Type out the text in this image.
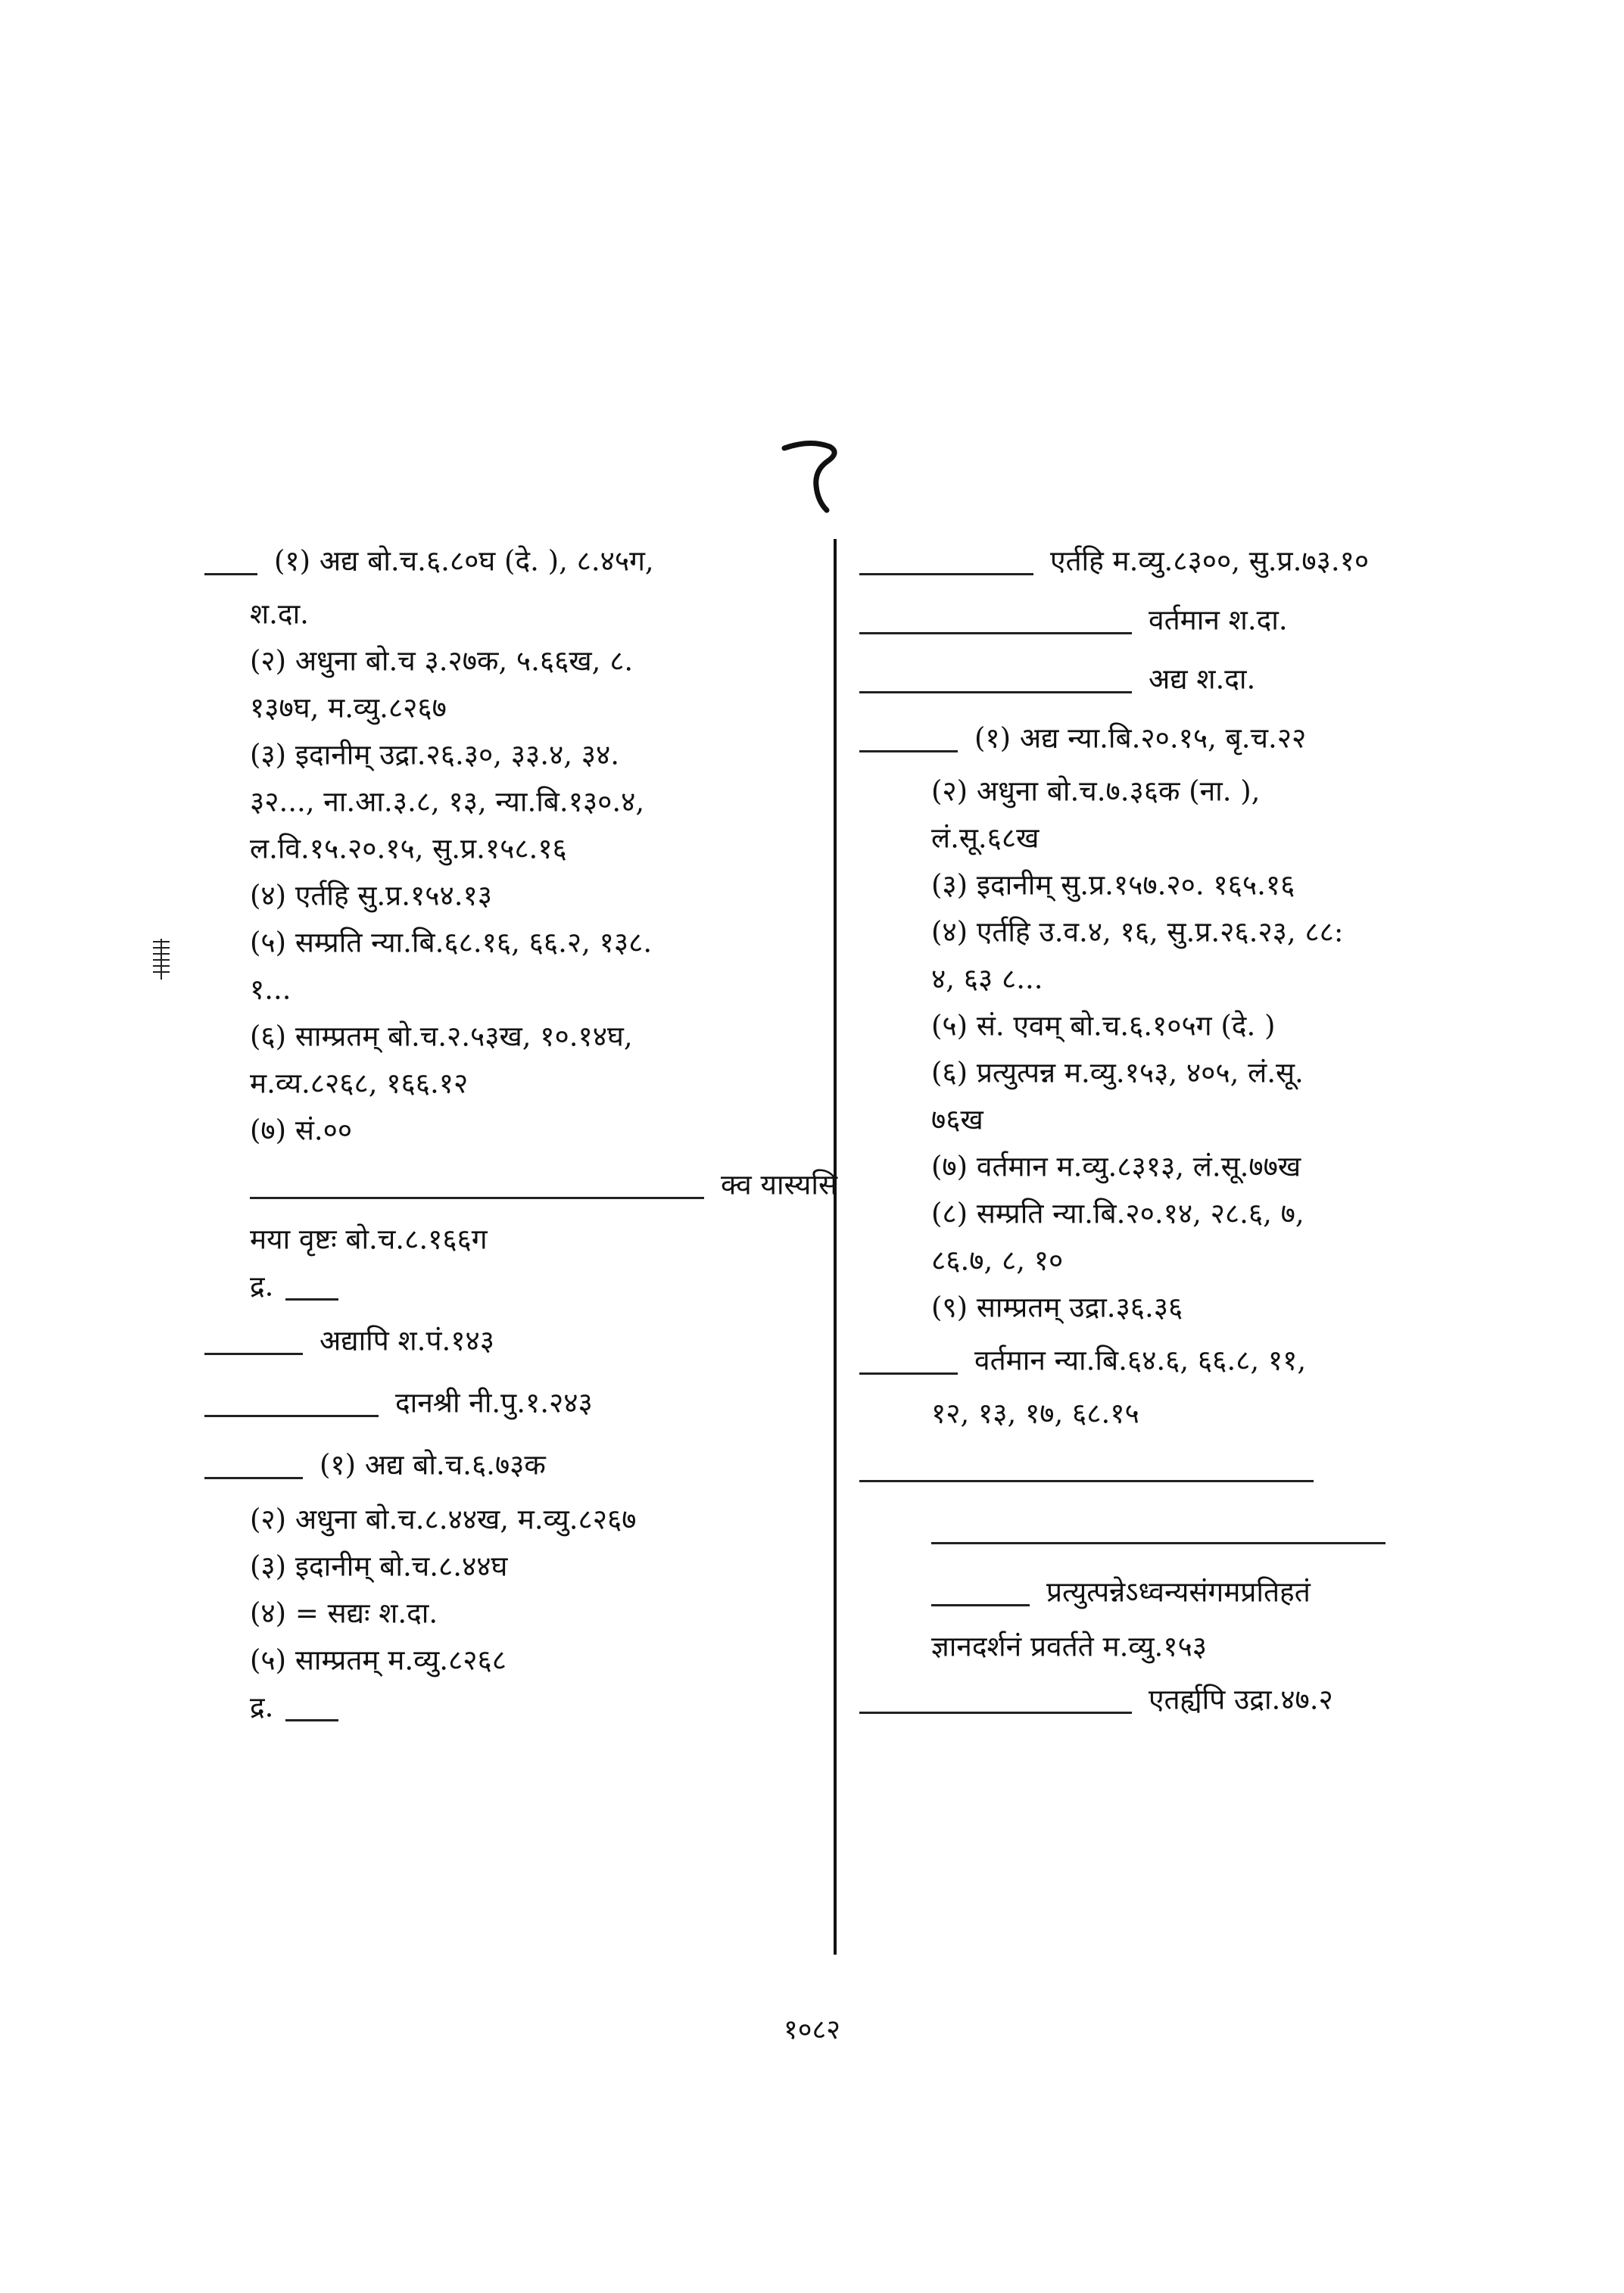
(१) अद्य बो.च.६.८०घ (दे. ), ८.४५ग,
श.दा.
(२) अधुना बो.च ३.२७क, ५.६६ख, ८.
१३७घ, म.व्यु.८२६७
(३) इदानीम् उद्रा.२६.३०, ३३.४, ३४.
३२..., ना.आ.३.८, १३, न्या.बि.१३०.४,
ल.वि.१५.२०.१५, सु.प्र.१५८.१६
(४) एर्तहि सु.प्र.१५४.१३
(५) सम्प्रति न्या.बि.६८.१६, ६६.२, १३८.
१...
(६) साम्प्रतम् बो.च.२.५३ख, १०.१४घ,
म.व्य.८२६८, १६६.१२
(७) सं.००
क्व यास्यसि
मया वृष्टः बो.च.८.१६६ग
द्र.
अद्यापि श.पं.१४३
दानश्री नी.पु.१.२४३
(१) अद्य बो.च.६.७३क
(२) अधुना बो.च.८.४४ख, म.व्यु.८२६७
(३) इदानीम् बो.च.८.४४घ
(४) = सद्यः श.दा.
(५) साम्प्रतम् म.व्यु.८२६८
द्र.
एर्तहि म.व्यु.८३००, सु.प्र.७३.१०
वर्तमान श.दा.
अद्य श.दा.
(१) अद्य न्या.बि.२०.१५, बृ.च.२२
(२) अधुना बो.च.७.३६क (ना. ),
लं.सू.६८ख
(३) इदानीम् सु.प्र.१५७.२०. १६५.१६
(४) एर्तहि उ.व.४, १६, सु.प्र.२६.२३, ८८:
४, ६३ ८...
(५) सं. एवम् बो.च.६.१०५ग (दे. )
(६) प्रत्युत्पन्न म.व्यु.१५३, ४०५, लं.सू.
७६ख
(७) वर्तमान म.व्यु.८३१३, लं.सू.७७ख
(८) सम्प्रति न्या.बि.२०.१४, २८.६, ७,
८६.७, ८, १०
(९) साम्प्रतम् उद्रा.३६.३६
वर्तमान न्या.बि.६४.६, ६६.८, ११,
१२, १३, १७, ६८.१५
प्रत्युत्पन्नेऽध्वन्यसंगमप्रतिहतं
ज्ञानदर्शनं प्रवर्तते म.व्यु.१५३
एतर्ह्यपि उद्रा.४७.२
१०८२
